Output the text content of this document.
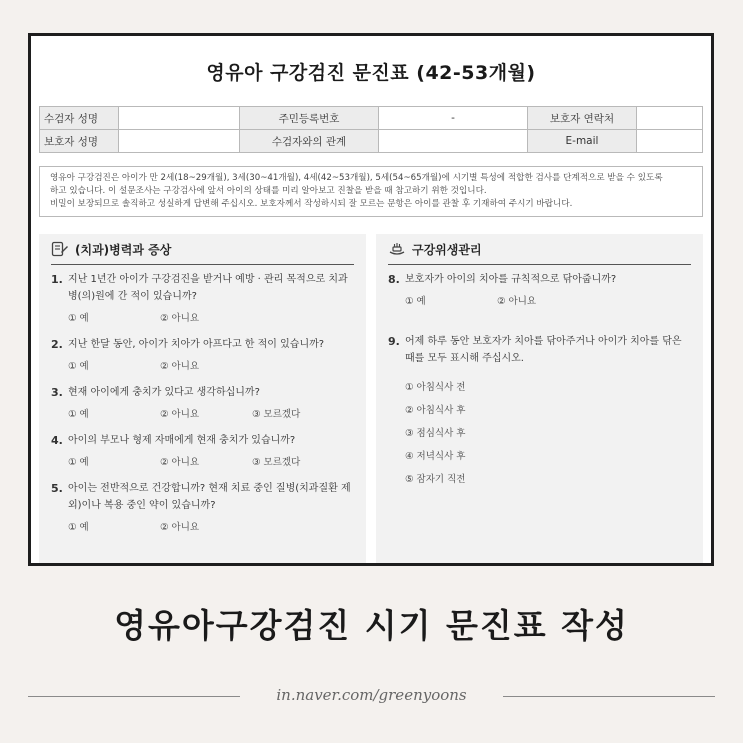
영유아 구강검진 문진표 (42-53개월)
수검자 성명		주민등록번호	-	보호자 연락처	
보호자 성명		수검자와의 관계		E-mail	
영유아 구강검진은 아이가 만 2세(18~29개월), 3세(30~41개월), 4세(42~53개월), 5세(54~65개월)에 시기별 특성에 적합한 검사를 단계적으로 받을 수 있도록
하고 있습니다. 이 설문조사는 구강검사에 앞서 아이의 상태를 미리 알아보고 진찰을 받을 때 참고하기 위한 것입니다.
비밀이 보장되므로 솔직하고 성실하게 답변해 주십시오. 보호자께서 작성하시되 잘 모르는 문항은 아이를 관찰 후 기재하여 주시기 바랍니다.
(치과)병력과 증상
1. 지난 1년간 아이가 구강검진을 받거나 예방 · 관리 목적으로 치과병(의)원에 간 적이 있습니까?
① 예	② 아니요
2. 지난 한달 동안, 아이가 치아가 아프다고 한 적이 있습니까?
① 예	② 아니요
3. 현재 아이에게 충치가 있다고 생각하십니까?
① 예	② 아니요	③ 모르겠다
4. 아이의 부모나 형제 자매에게 현재 충치가 있습니까?
① 예	② 아니요	③ 모르겠다
5. 아이는 전반적으로 건강합니까? 현재 치료 중인 질병(치과질환 제외)이나 복용 중인 약이 있습니까?
① 예	② 아니요
구강위생관리
8. 보호자가 아이의 치아를 규칙적으로 닦아줍니까?
① 예	② 아니요
9. 어제 하루 동안 보호자가 치아를 닦아주거나 아이가 치아를 닦은 때를 모두 표시해 주십시오.
① 아침식사 전
② 아침식사 후
③ 점심식사 후
④ 저녁식사 후
⑤ 잠자기 직전
영유아구강검진 시기 문진표 작성
in.naver.com/greenyoons
